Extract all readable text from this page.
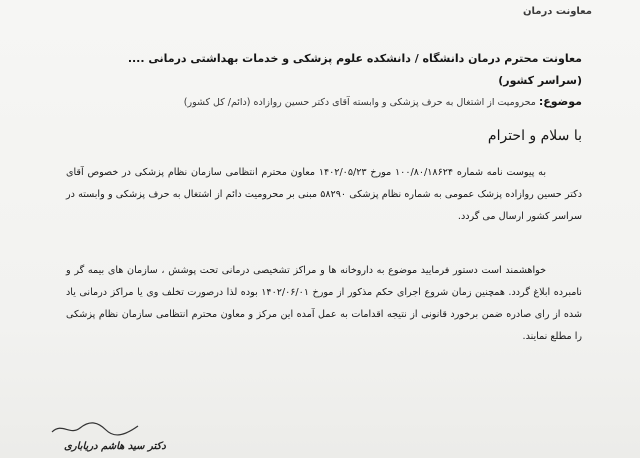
معاونت درمان
معاونت محترم درمان دانشگاه / دانشکده علوم پزشکی و خدمات بهداشتی درمانی ....
(سراسر کشور)
موضوع: محرومیت از اشتغال به حرف پزشکی و وابسته آقای دکتر حسین روازاده (دائم/ کل کشور)
با سلام و احترام
به پیوست نامه شماره ۱۰۰/۸۰/۱۸۶۲۴ مورخ ۱۴۰۲/۰۵/۲۳ معاون محترم انتظامی سازمان نظام پزشکی در خصوص آقای دکتر حسین روازاده پزشک عمومی به شماره نظام پزشکی ۵۸۲۹۰ مبنی بر محرومیت دائم از اشتغال به حرف پزشکی و وابسته در سراسر کشور ارسال می گردد.
خواهشمند است دستور فرمایید موضوع به داروخانه ها و مراکز تشخیصی درمانی تحت پوشش ، سازمان های بیمه گر و نامبرده ابلاغ گردد. همچنین زمان شروع اجرای حکم مذکور از مورخ ۱۴۰۲/۰۶/۰۱ بوده لذا درصورت تخلف وی یا مراکز درمانی یاد شده از رای صادره ضمن برخورد قانونی از نتیجه اقدامات به عمل آمده این مرکز و معاون محترم انتظامی سازمان نظام پزشکی را مطلع نمایند.
دکتر سید هاشم دریاباری
